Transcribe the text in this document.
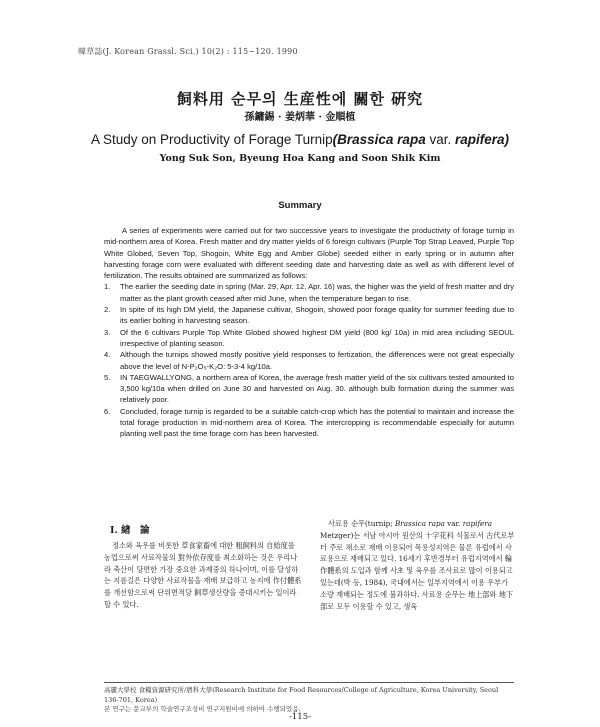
韓草誌(J. Korean Grassl. Sci.) 10(2) : 115~120. 1990
飼料用 순무의 生産性에 關한 硏究
孫鏞錫 · 姜炳華 · 金順植
A Study on Productivity of Forage Turnip(Brassica rapa var. rapifera)
Yong Suk Son, Byeung Hoa Kang and Soon Shik Kim
Summary

A series of experiments were carried out for two successive years to investigate the productivity of forage turnip in mid-northern area of Korea. Fresh matter and dry matter yields of 6 foreign cultivars (Purple Top Strap Leaved, Purple Top White Globed, Seven Top, Shogoin, White Egg and Amber Globe) seeded either in early spring or in autumn after harvesting forage corn were evaluated with different seeding date and harvesting date as well as with different level of fertilization. The results obtained are summarized as follows:

1. The earlier the seeding date in spring (Mar. 29, Apr. 12, Apr. 16) was, the higher was the yield of fresh matter and dry matter as the plant growth ceased after mid June, when the temperature began to rise.
2. In spite of its high DM yield, the Japanese cultivar, Shogoin, showed poor forage quality for summer feeding due to its earlier bolting in harvesting season.
3. Of the 6 cultivars Purple Top White Globed showed highest DM yield (800 kg/ 10a) in mid area including SEOUL irrespective of planting season.
4. Although the turnips showed mostly positive yield responses to fertization, the differences were not great especially above the level of N-P₂O₅-K₂O: 5-3-4 kg/10a.
5. IN TAEGWALLYONG, a northern area of Korea, the average fresh matter yield of the six cultivars tested amounted to 3,500 kg/10a when drilled on June 30 and harvested on Aug. 30. although bulb formation during the summer was relatively poor.
6. Concluded, forage turnip is regarded to be a suitable catch-crop which has the potential to maintain and increase the total forage production in mid-northern area of Korea. The intercropping is recommendable especially for autumn planting well past the time forage corn has been harvested.
I. 緖　論

정소와 육우를 비롯한 草食家畜에 대한 粗飼料의 自給度를 농업으로써 사료작물의 對外依存度를 최소화하는 것은 우리나라 축산이 당면한 가장 중요한 과제중의 하나이며, 이를 달성하는 지름길은 다양한 사료작물을 재배 보급하고 농지에 作付體系를 개선함으로써 단위면적당 飼草생산량을 증대시키는 일이라 할 수 있다.

사료용 순무(turnip; Brassica rapa var. rapifera Metzger)는 서남 아시아 원산의 十字花科 식물로서 古代로부터 주로 채소로 재배 이용되어 목용성지역은 물론 유럽에서 사료용으로 재배되고 있다. 16세기 후반경부터 유럽지역에서 輪作體系의 도입과 함께 사초 및 육우를 조사료로 많이 이용되고 있는데(박 등, 1984), 국내에서는 일부지역에서 이용 우부가 소량 재배되는 정도에 불과하다. 사료용 순무는 地上部와 地下部로 모두 이용할 수 있고, 생육

高麗大學校 食糧資源硏究所/農科大學(Research Institute for Food Resources/College of Agriculture, Korea University, Seoul 136-701, Korea)
본 연구는 문교부의 학술연구조성비 연구지원비에 의하여 수행되었음.
-115-
